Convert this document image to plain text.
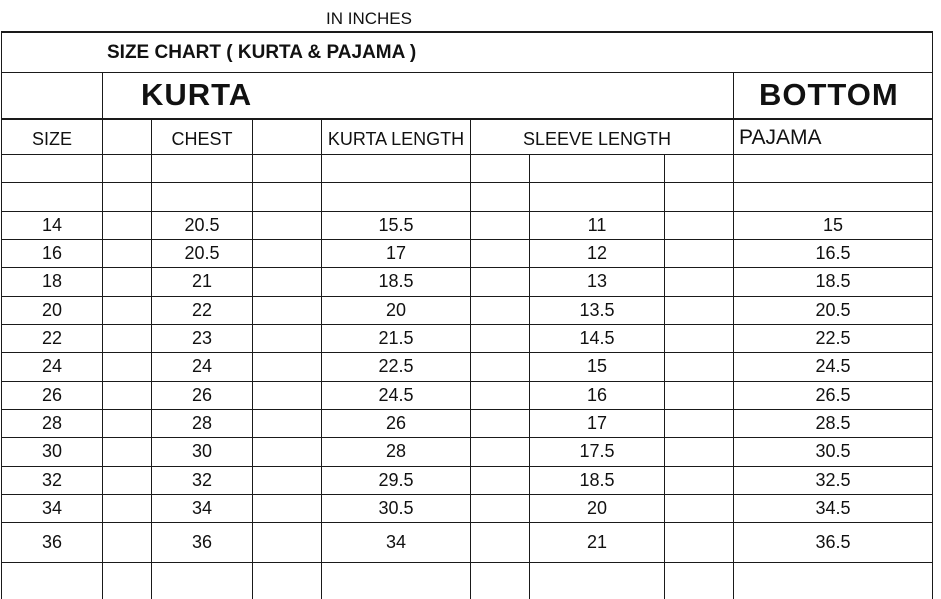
IN INCHES
SIZE CHART ( KURTA & PAJAMA )
KURTA	BOTTOM
SIZE	CHEST	KURTA LENGTH	SLEEVE LENGTH	PAJAMA
14	20.5	15.5	11	15
16	20.5	17	12	16.5
18	21	18.5	13	18.5
20	22	20	13.5	20.5
22	23	21.5	14.5	22.5
24	24	22.5	15	24.5
26	26	24.5	16	26.5
28	28	26	17	28.5
30	30	28	17.5	30.5
32	32	29.5	18.5	32.5
34	34	30.5	20	34.5
36	36	34	21	36.5
